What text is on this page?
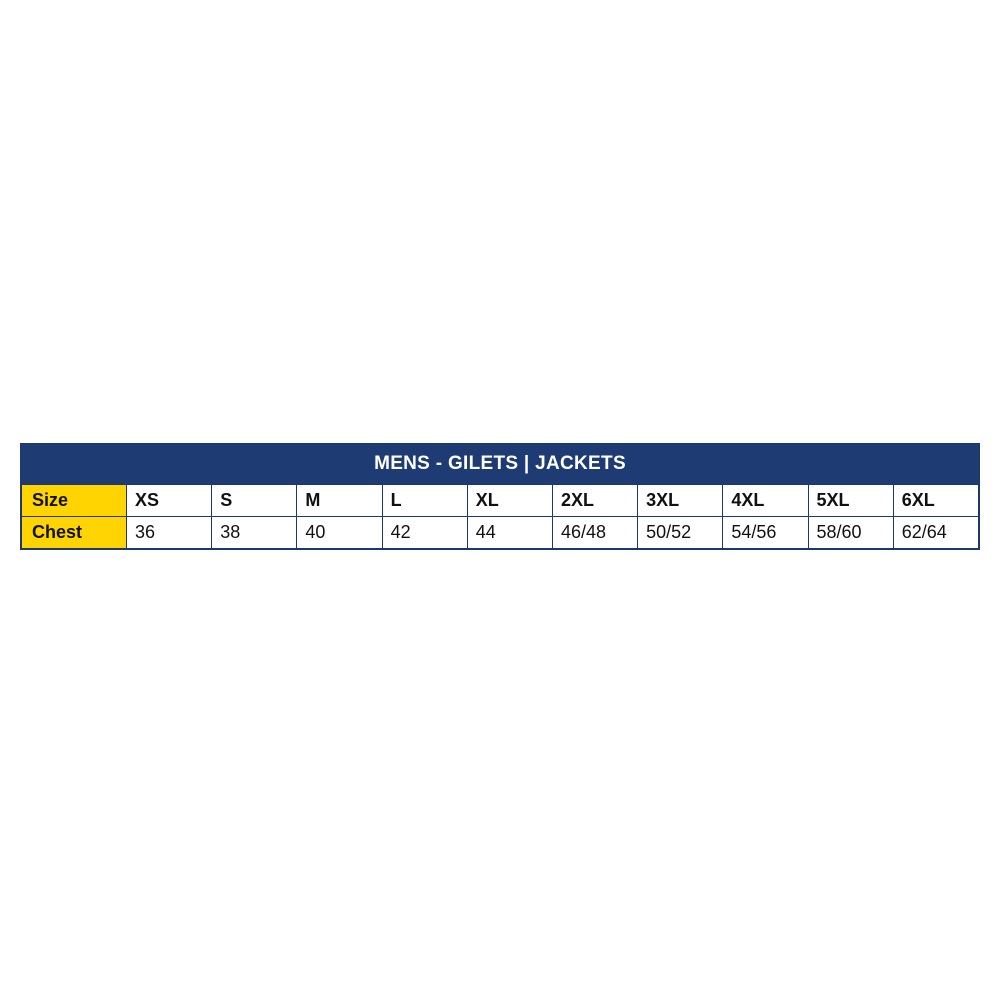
MENS - GILETS | JACKETS
Size	XS	S	M	L	XL	2XL	3XL	4XL	5XL	6XL
Chest	36	38	40	42	44	46/48	50/52	54/56	58/60	62/64
